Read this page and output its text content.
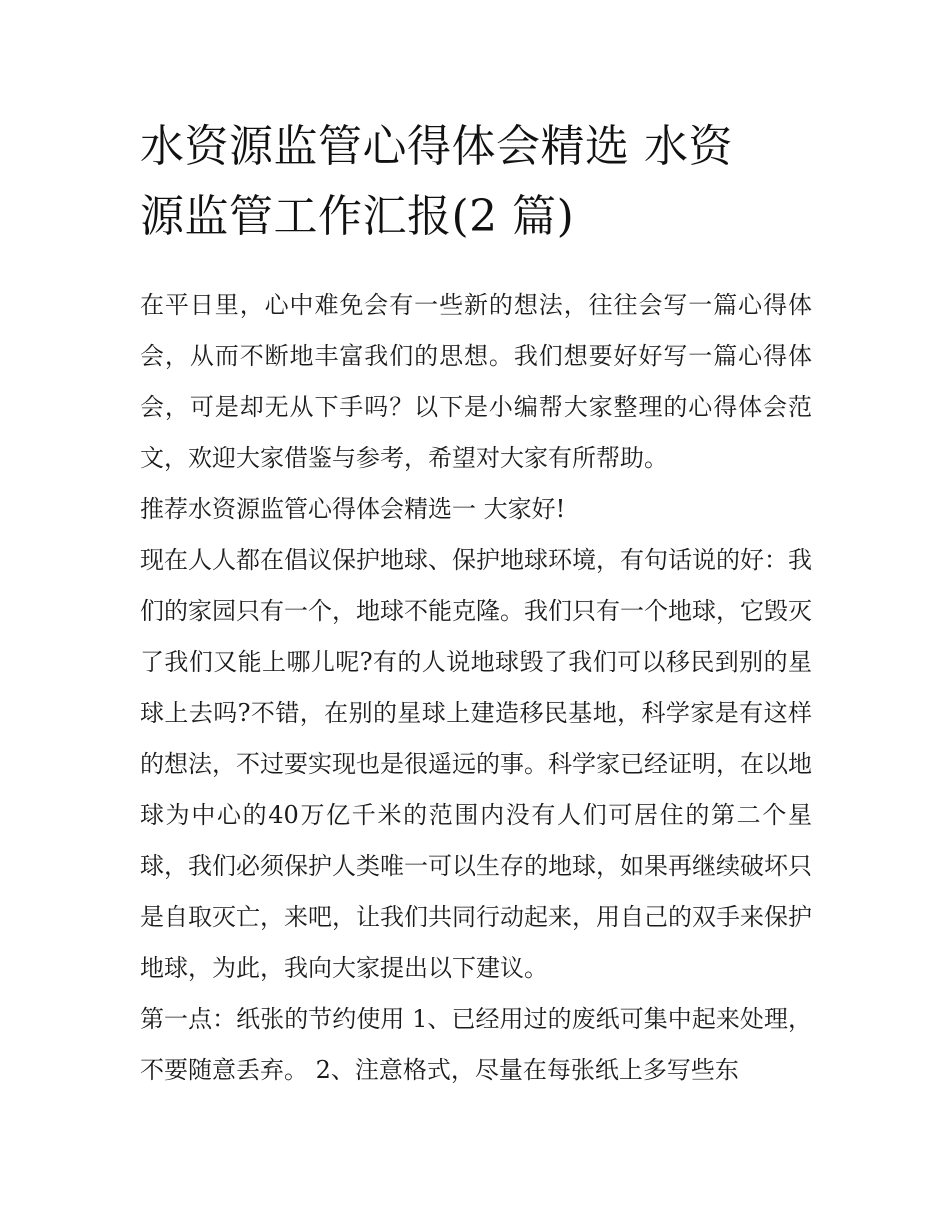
水资源监管心得体会精选 水资
源监管工作汇报(2 篇)

在平日里，心中难免会有一些新的想法，往往会写一篇心得体会，从而不断地丰富我们的思想。我们想要好好写一篇心得体会，可是却无从下手吗？以下是小编帮大家整理的心得体会范文，欢迎大家借鉴与参考，希望对大家有所帮助。

推荐水资源监管心得体会精选一 大家好!

现在人人都在倡议保护地球、保护地球环境，有句话说的好：我们的家园只有一个，地球不能克隆。我们只有一个地球，它毁灭了我们又能上哪儿呢?有的人说地球毁了我们可以移民到别的星球上去吗?不错，在别的星球上建造移民基地，科学家是有这样的想法，不过要实现也是很遥远的事。科学家已经证明，在以地球为中心的40万亿千米的范围内没有人们可居住的第二个星球，我们必须保护人类唯一可以生存的地球，如果再继续破坏只是自取灭亡，来吧，让我们共同行动起来，用自己的双手来保护地球，为此，我向大家提出以下建议。

第一点：纸张的节约使用 1、已经用过的废纸可集中起来处理，不要随意丢弃。 2、注意格式，尽量在每张纸上多写些东
